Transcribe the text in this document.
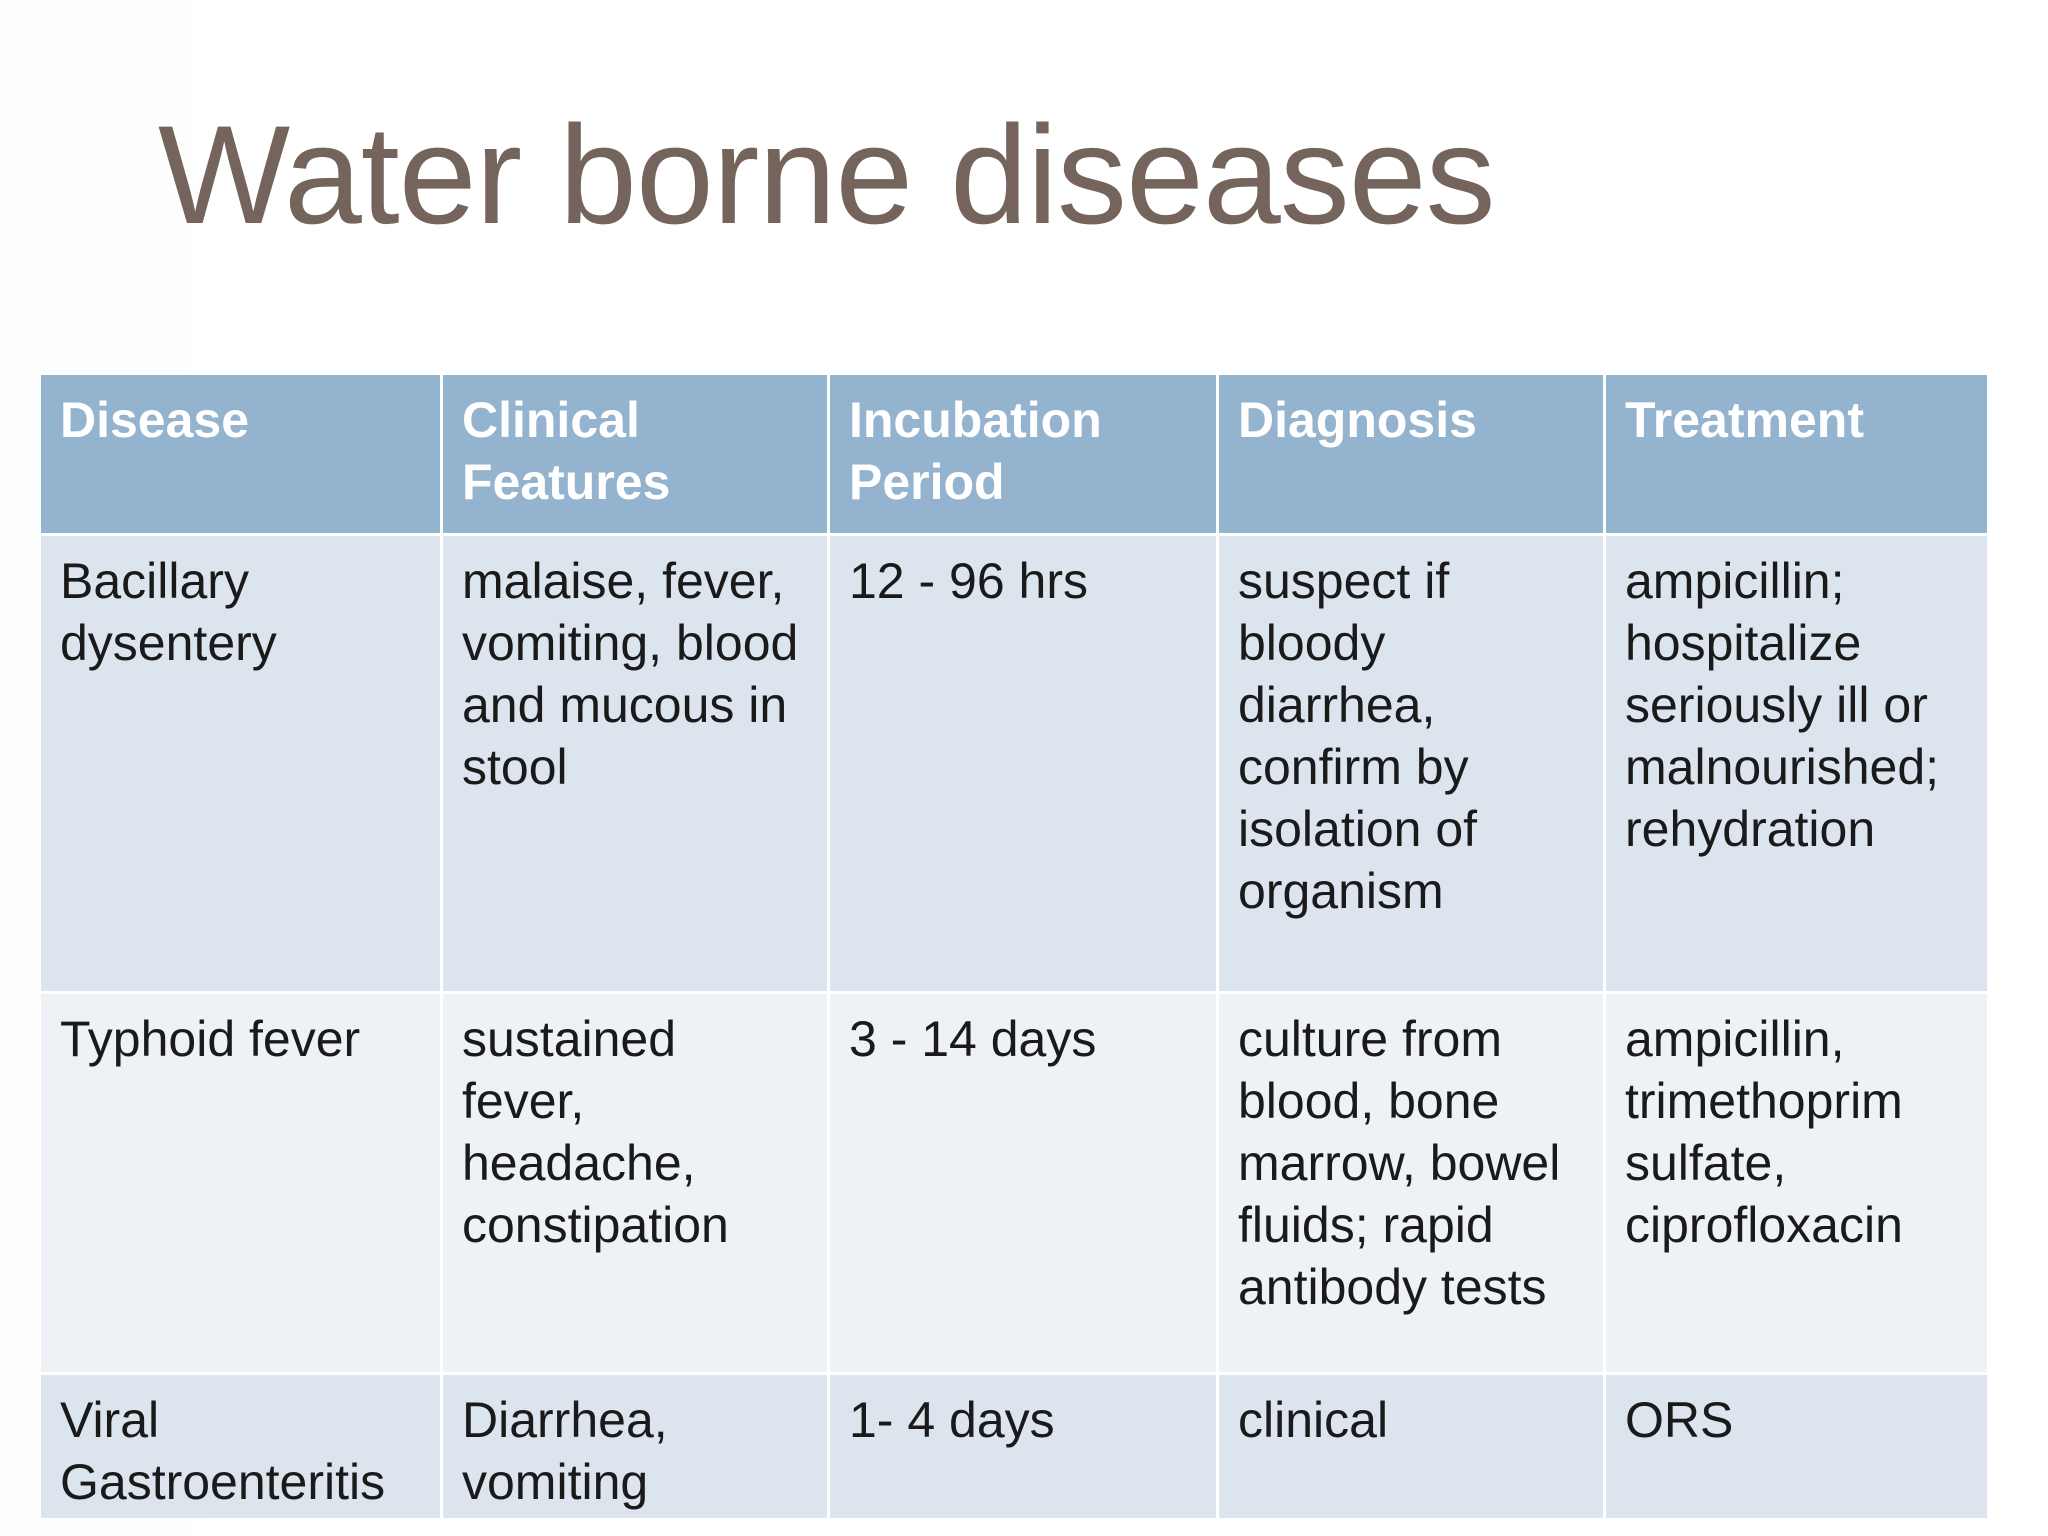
Water borne diseases
Disease	Clinical Features	Incubation Period	Diagnosis	Treatment
Bacillary dysentery	malaise, fever, vomiting, blood and mucous in stool	12 - 96 hrs	suspect if bloody diarrhea, confirm by isolation of organism	ampicillin; hospitalize seriously ill or malnourished; rehydration
Typhoid fever	sustained fever, headache, constipation	3 - 14 days	culture from blood, bone marrow, bowel fluids; rapid antibody tests	ampicillin, trimethoprim sulfate, ciprofloxacin
Viral Gastroenteritis	Diarrhea, vomiting	1- 4 days	clinical	ORS
